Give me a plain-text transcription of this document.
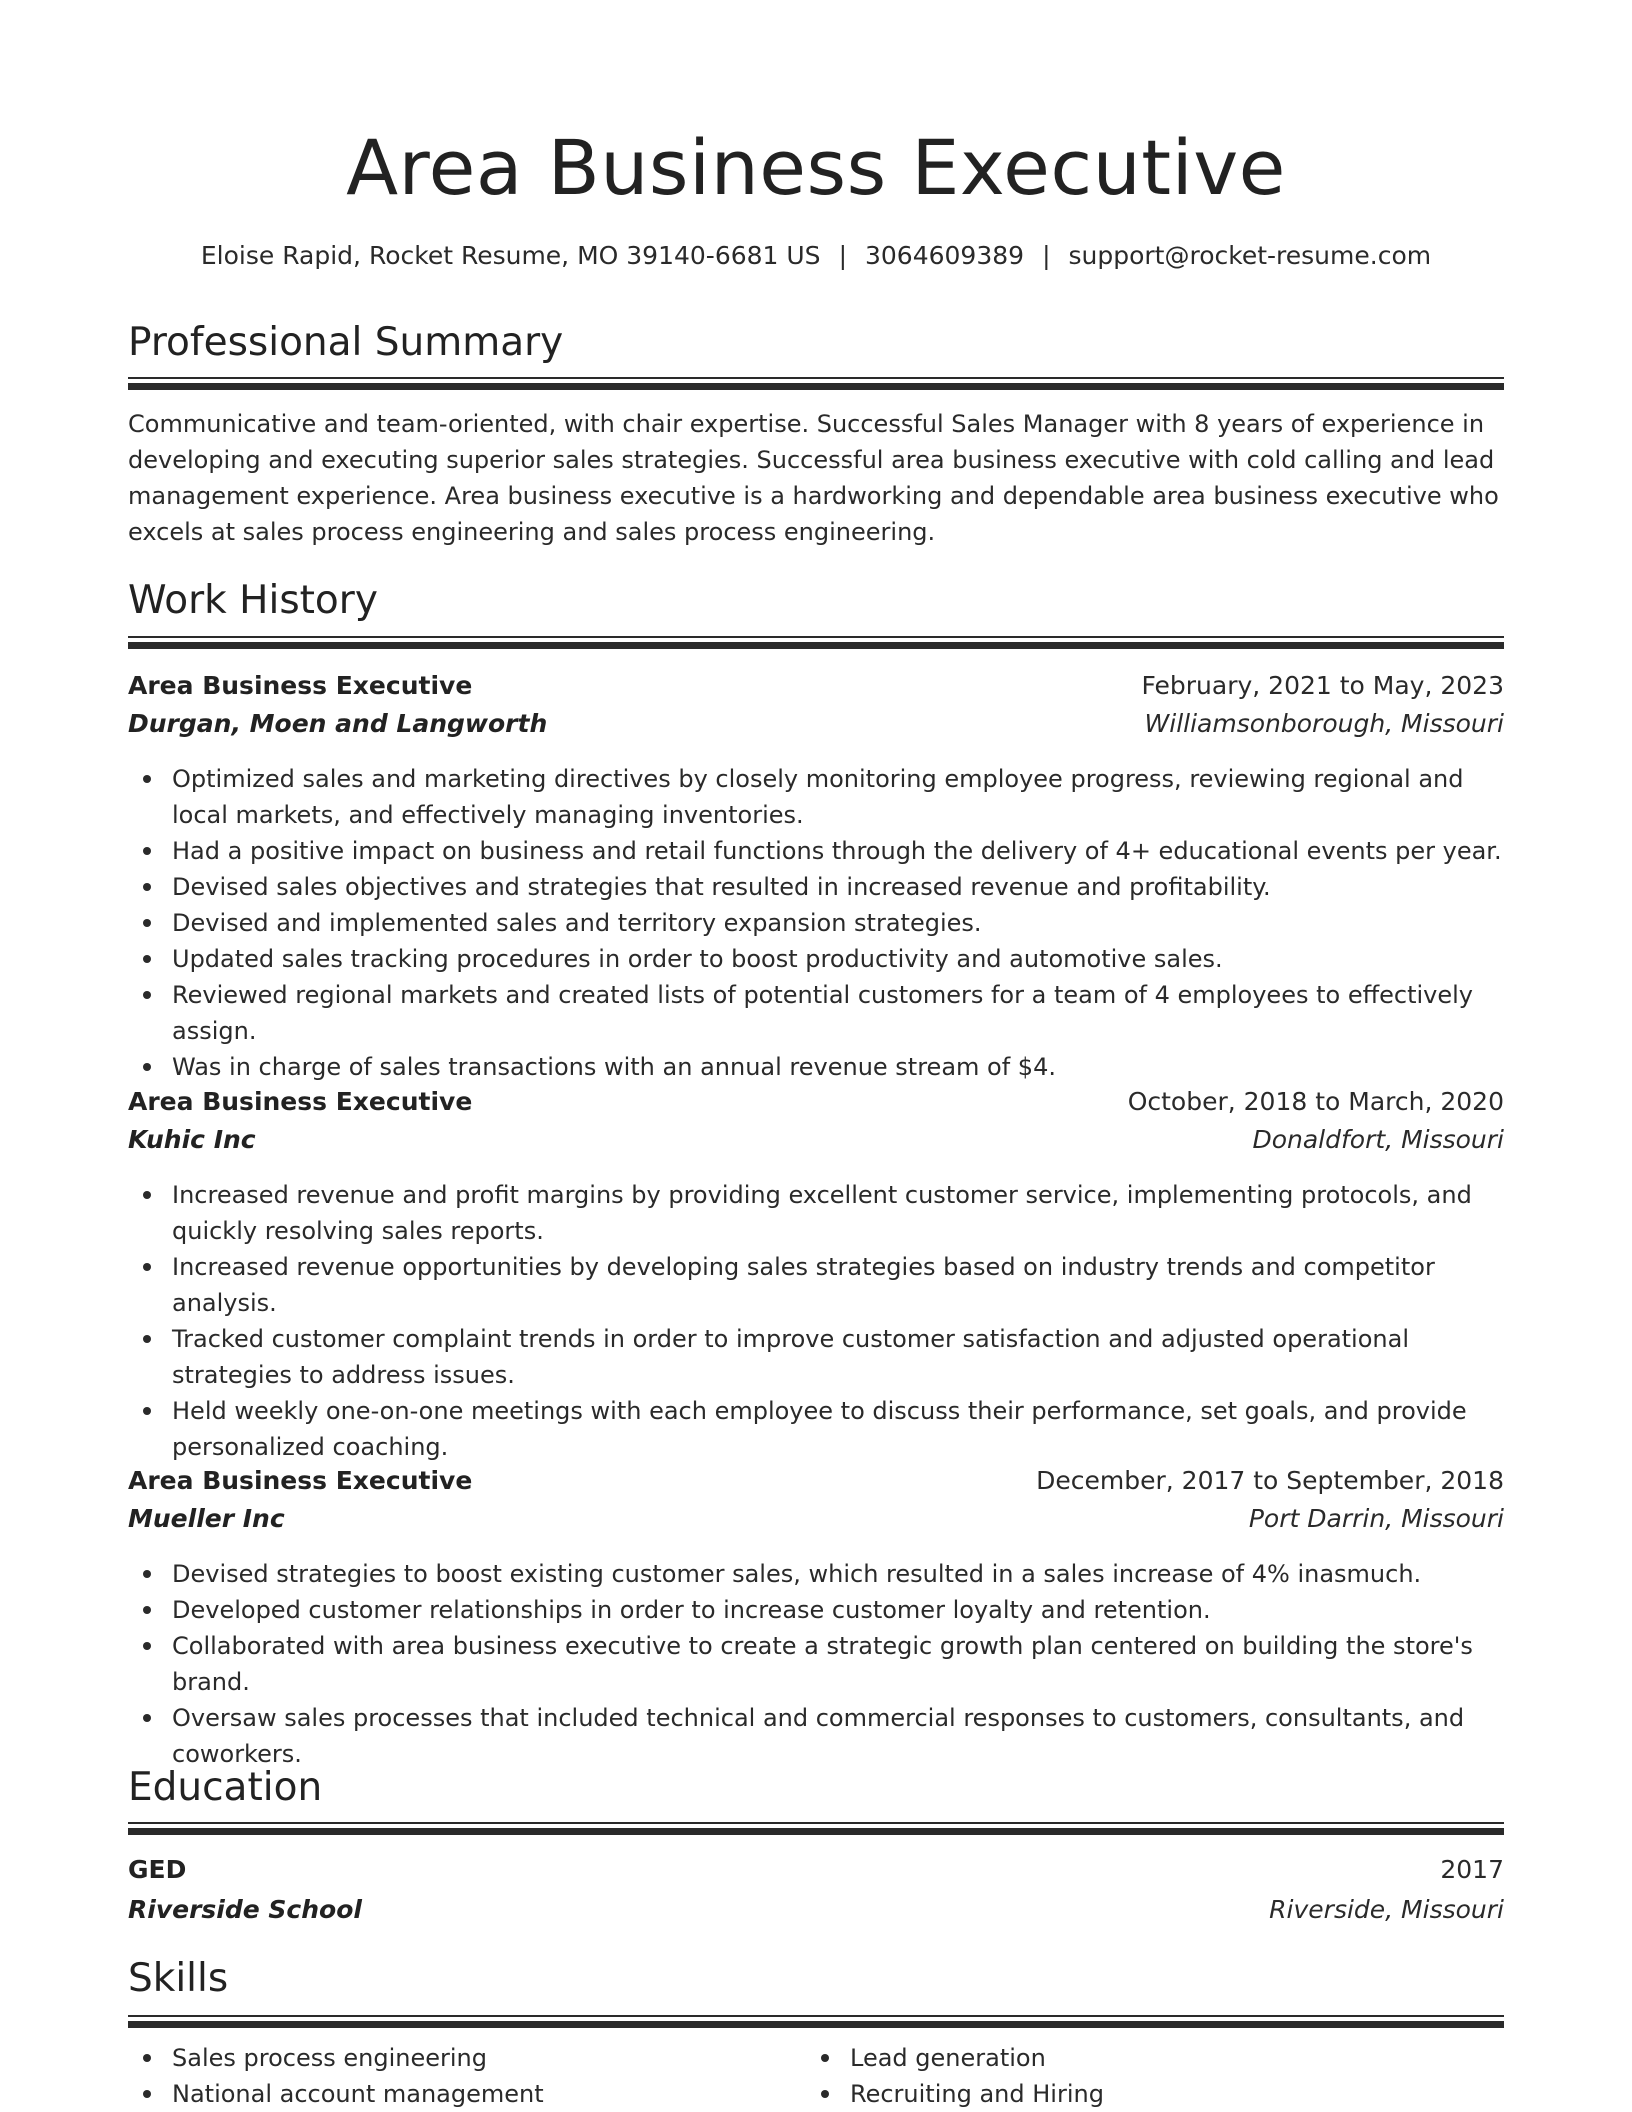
Area Business Executive
Eloise Rapid, Rocket Resume, MO 39140-6681 US | 3064609389 | support@rocket-resume.com
Professional Summary

Communicative and team-oriented, with chair expertise. Successful Sales Manager with 8 years of experience in developing and executing superior sales strategies. Successful area business executive with cold calling and lead management experience. Area business executive is a hardworking and dependable area business executive who excels at sales process engineering and sales process engineering.

Work History
Area Business Executive	February, 2021 to May, 2023
Durgan, Moen and Langworth	Williamsonborough, Missouri
Optimized sales and marketing directives by closely monitoring employee progress, reviewing regional and local markets, and effectively managing inventories.
Had a positive impact on business and retail functions through the delivery of 4+ educational events per year.
Devised sales objectives and strategies that resulted in increased revenue and profitability.
Devised and implemented sales and territory expansion strategies.
Updated sales tracking procedures in order to boost productivity and automotive sales.
Reviewed regional markets and created lists of potential customers for a team of 4 employees to effectively assign.
Was in charge of sales transactions with an annual revenue stream of $4.
Area Business Executive	October, 2018 to March, 2020
Kuhic Inc	Donaldfort, Missouri
Increased revenue and profit margins by providing excellent customer service, implementing protocols, and quickly resolving sales reports.
Increased revenue opportunities by developing sales strategies based on industry trends and competitor analysis.
Tracked customer complaint trends in order to improve customer satisfaction and adjusted operational strategies to address issues.
Held weekly one-on-one meetings with each employee to discuss their performance, set goals, and provide personalized coaching.
Area Business Executive	December, 2017 to September, 2018
Mueller Inc	Port Darrin, Missouri
Devised strategies to boost existing customer sales, which resulted in a sales increase of 4% inasmuch.
Developed customer relationships in order to increase customer loyalty and retention.
Collaborated with area business executive to create a strategic growth plan centered on building the store's brand.
Oversaw sales processes that included technical and commercial responses to customers, consultants, and coworkers.
Education
GED	2017
Riverside School	Riverside, Missouri
Skills
Sales process engineering
National account management
Lead generation
Recruiting and Hiring
